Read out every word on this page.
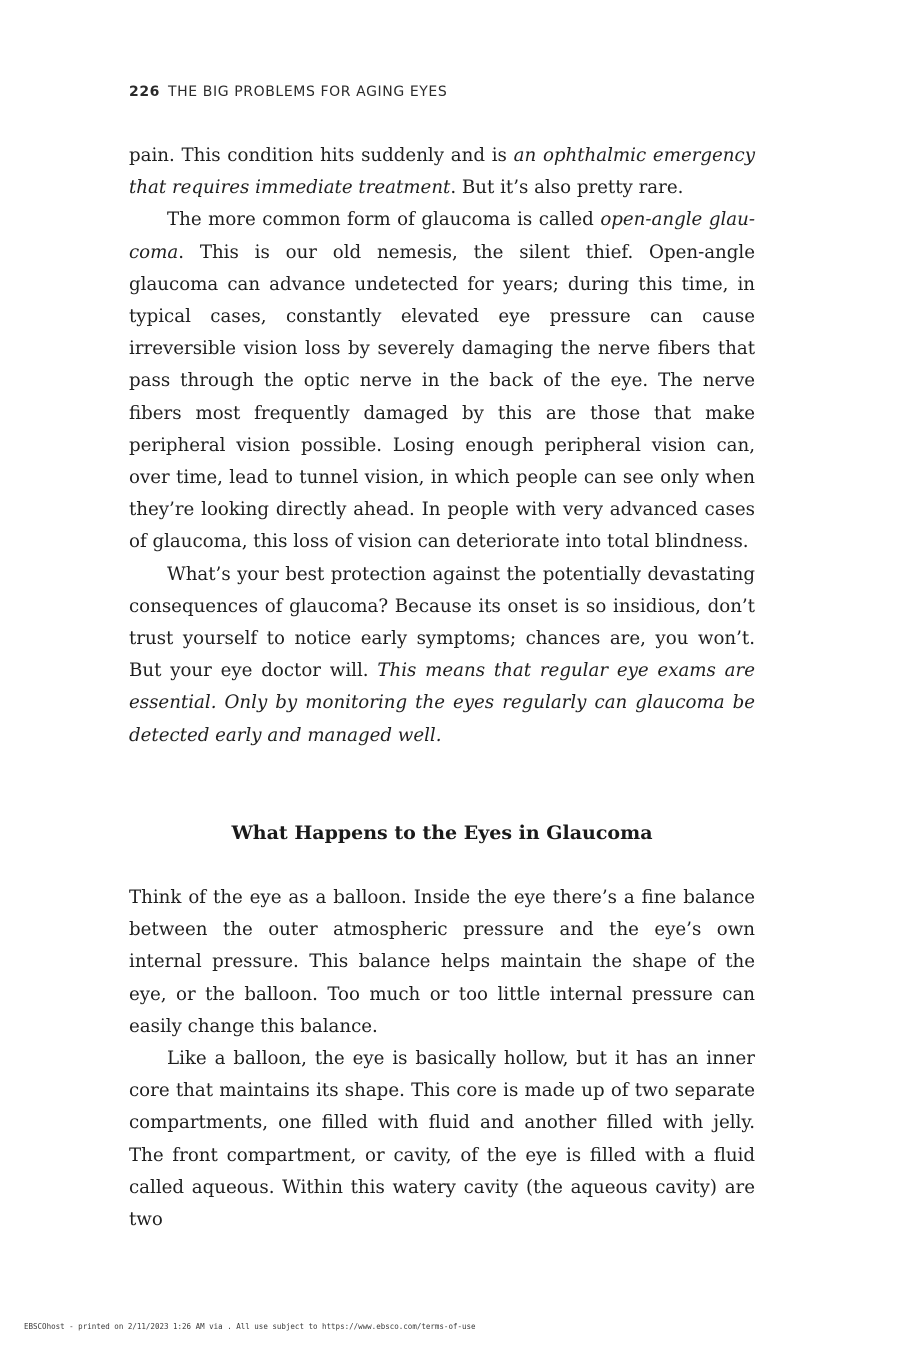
226 THE BIG PROBLEMS FOR AGING EYES

pain. This condition hits suddenly and is an ophthalmic emergency that requires immediate treatment. But it’s also pretty rare.

The more common form of glaucoma is called open-angle glaucoma. This is our old nemesis, the silent thief. Open-angle glaucoma can advance undetected for years; during this time, in typical cases, constantly elevated eye pressure can cause irreversible vision loss by severely damaging the nerve fibers that pass through the optic nerve in the back of the eye. The nerve fibers most frequently damaged by this are those that make peripheral vision possible. Losing enough peripheral vision can, over time, lead to tunnel vision, in which people can see only when they’re looking directly ahead. In people with very advanced cases of glaucoma, this loss of vision can deteriorate into total blindness.

What’s your best protection against the potentially devastating consequences of glaucoma? Because its onset is so insidious, don’t trust yourself to notice early symptoms; chances are, you won’t. But your eye doctor will. This means that regular eye exams are essential. Only by monitoring the eyes regularly can glaucoma be detected early and managed well.

What Happens to the Eyes in Glaucoma

Think of the eye as a balloon. Inside the eye there’s a fine balance between the outer atmospheric pressure and the eye’s own internal pressure. This balance helps maintain the shape of the eye, or the balloon. Too much or too little internal pressure can easily change this balance.

Like a balloon, the eye is basically hollow, but it has an inner core that maintains its shape. This core is made up of two separate compartments, one filled with fluid and another filled with jelly. The front compartment, or cavity, of the eye is filled with a fluid called aqueous. Within this watery cavity (the aqueous cavity) are two

EBSCOhost - printed on 2/11/2023 1:26 AM via . All use subject to https://www.ebsco.com/terms-of-use
